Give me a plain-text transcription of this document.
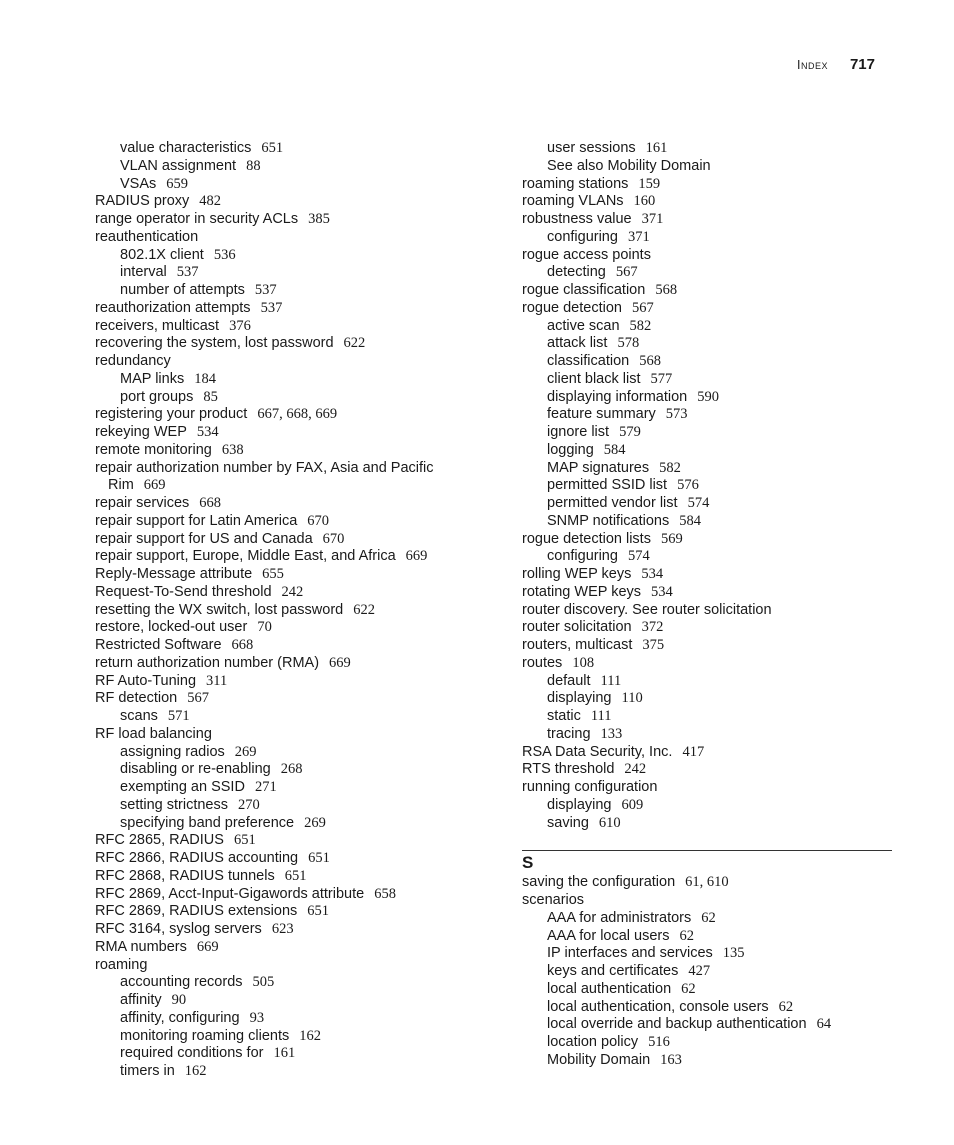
Index 717
value characteristics 651
VLAN assignment 88
VSAs 659
RADIUS proxy 482
range operator in security ACLs 385
reauthentication
802.1X client 536
interval 537
number of attempts 537
reauthorization attempts 537
receivers, multicast 376
recovering the system, lost password 622
redundancy
MAP links 184
port groups 85
registering your product 667, 668, 669
rekeying WEP 534
remote monitoring 638
repair authorization number by FAX, Asia and Pacific Rim 669
repair services 668
repair support for Latin America 670
repair support for US and Canada 670
repair support, Europe, Middle East, and Africa 669
Reply-Message attribute 655
Request-To-Send threshold 242
resetting the WX switch, lost password 622
restore, locked-out user 70
Restricted Software 668
return authorization number (RMA) 669
RF Auto-Tuning 311
RF detection 567
scans 571
RF load balancing
assigning radios 269
disabling or re-enabling 268
exempting an SSID 271
setting strictness 270
specifying band preference 269
RFC 2865, RADIUS 651
RFC 2866, RADIUS accounting 651
RFC 2868, RADIUS tunnels 651
RFC 2869, Acct-Input-Gigawords attribute 658
RFC 2869, RADIUS extensions 651
RFC 3164, syslog servers 623
RMA numbers 669
roaming
accounting records 505
affinity 90
affinity, configuring 93
monitoring roaming clients 162
required conditions for 161
timers in 162
user sessions 161
See also Mobility Domain
roaming stations 159
roaming VLANs 160
robustness value 371
configuring 371
rogue access points
detecting 567
rogue classification 568
rogue detection 567
active scan 582
attack list 578
classification 568
client black list 577
displaying information 590
feature summary 573
ignore list 579
logging 584
MAP signatures 582
permitted SSID list 576
permitted vendor list 574
SNMP notifications 584
rogue detection lists 569
configuring 574
rolling WEP keys 534
rotating WEP keys 534
router discovery. See router solicitation
router solicitation 372
routers, multicast 375
routes 108
default 111
displaying 110
static 111
tracing 133
RSA Data Security, Inc. 417
RTS threshold 242
running configuration
displaying 609
saving 610
S
saving the configuration 61, 610
scenarios
AAA for administrators 62
AAA for local users 62
IP interfaces and services 135
keys and certificates 427
local authentication 62
local authentication, console users 62
local override and backup authentication 64
location policy 516
Mobility Domain 163
